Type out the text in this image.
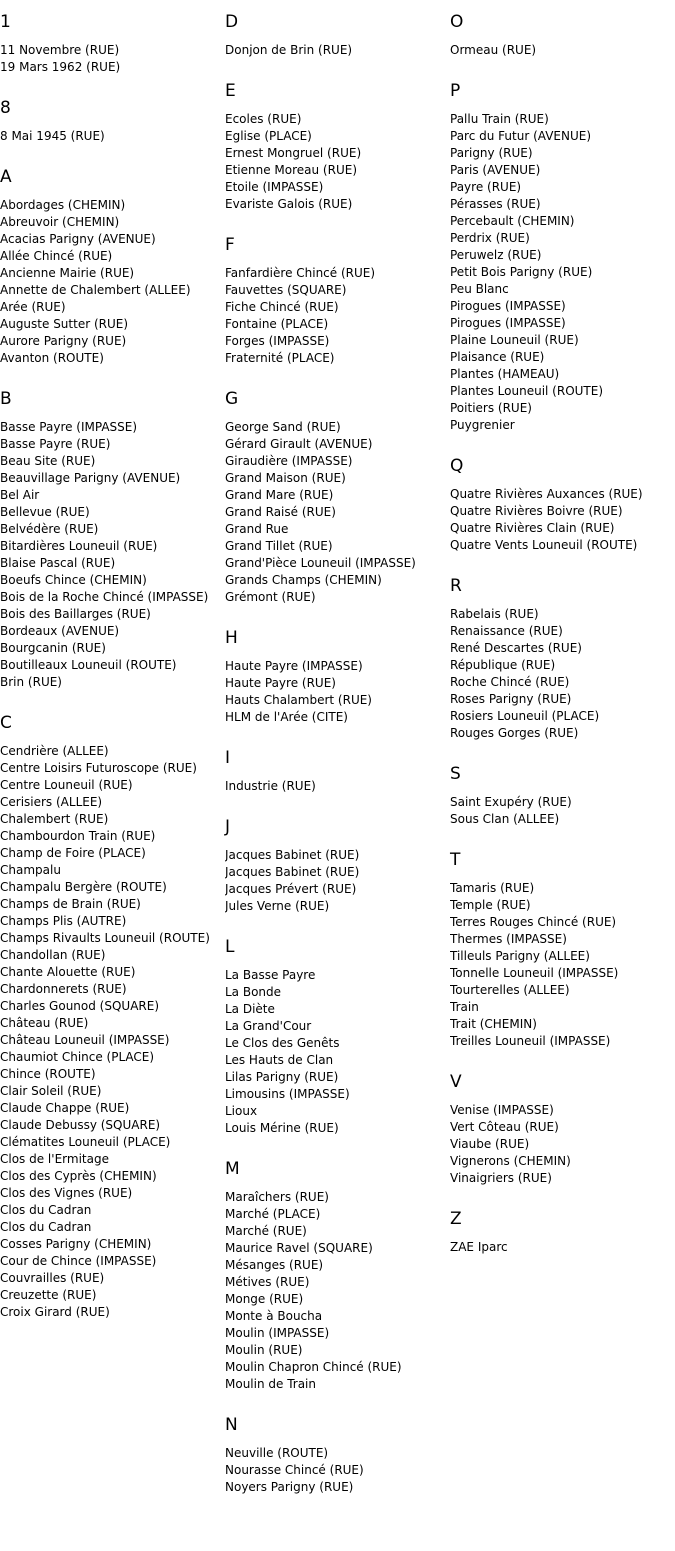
1
11 Novembre (RUE)
19 Mars 1962 (RUE)
8
8 Mai 1945 (RUE)
A
Abordages (CHEMIN)
Abreuvoir (CHEMIN)
Acacias Parigny (AVENUE)
Allée Chincé (RUE)
Ancienne Mairie (RUE)
Annette de Chalembert (ALLEE)
Arée (RUE)
Auguste Sutter (RUE)
Aurore Parigny (RUE)
Avanton (ROUTE)
B
Basse Payre (IMPASSE)
Basse Payre (RUE)
Beau Site (RUE)
Beauvillage Parigny (AVENUE)
Bel Air
Bellevue (RUE)
Belvédère (RUE)
Bitardières Louneuil (RUE)
Blaise Pascal (RUE)
Boeufs Chince (CHEMIN)
Bois de la Roche Chincé (IMPASSE)
Bois des Baillarges (RUE)
Bordeaux (AVENUE)
Bourgcanin (RUE)
Boutilleaux Louneuil (ROUTE)
Brin (RUE)
C
Cendrière (ALLEE)
Centre Loisirs Futuroscope (RUE)
Centre Louneuil (RUE)
Cerisiers (ALLEE)
Chalembert (RUE)
Chambourdon Train (RUE)
Champ de Foire (PLACE)
Champalu
Champalu Bergère (ROUTE)
Champs de Brain (RUE)
Champs Plis (AUTRE)
Champs Rivaults Louneuil (ROUTE)
Chandollan (RUE)
Chante Alouette (RUE)
Chardonnerets (RUE)
Charles Gounod (SQUARE)
Château (RUE)
Château Louneuil (IMPASSE)
Chaumiot Chince (PLACE)
Chince (ROUTE)
Clair Soleil (RUE)
Claude Chappe (RUE)
Claude Debussy (SQUARE)
Clématites Louneuil (PLACE)
Clos de l'Ermitage
Clos des Cyprès (CHEMIN)
Clos des Vignes (RUE)
Clos du Cadran
Clos du Cadran
Cosses Parigny (CHEMIN)
Cour de Chince (IMPASSE)
Couvrailles (RUE)
Creuzette (RUE)
Croix Girard (RUE)
D
Donjon de Brin (RUE)
E
Ecoles (RUE)
Eglise (PLACE)
Ernest Mongruel (RUE)
Etienne Moreau (RUE)
Etoile (IMPASSE)
Evariste Galois (RUE)
F
Fanfardière Chincé (RUE)
Fauvettes (SQUARE)
Fiche Chincé (RUE)
Fontaine (PLACE)
Forges (IMPASSE)
Fraternité (PLACE)
G
George Sand (RUE)
Gérard Girault (AVENUE)
Giraudière (IMPASSE)
Grand Maison (RUE)
Grand Mare (RUE)
Grand Raisé (RUE)
Grand Rue
Grand Tillet (RUE)
Grand'Pièce Louneuil (IMPASSE)
Grands Champs (CHEMIN)
Grémont (RUE)
H
Haute Payre (IMPASSE)
Haute Payre (RUE)
Hauts Chalambert (RUE)
HLM de l'Arée (CITE)
I
Industrie (RUE)
J
Jacques Babinet (RUE)
Jacques Babinet (RUE)
Jacques Prévert (RUE)
Jules Verne (RUE)
L
La Basse Payre
La Bonde
La Diète
La Grand'Cour
Le Clos des Genêts
Les Hauts de Clan
Lilas Parigny (RUE)
Limousins (IMPASSE)
Lioux
Louis Mérine (RUE)
M
Maraîchers (RUE)
Marché (PLACE)
Marché (RUE)
Maurice Ravel (SQUARE)
Mésanges (RUE)
Métives (RUE)
Monge (RUE)
Monte à Boucha
Moulin (IMPASSE)
Moulin (RUE)
Moulin Chapron Chincé (RUE)
Moulin de Train
N
Neuville (ROUTE)
Nourasse Chincé (RUE)
Noyers Parigny (RUE)
O
Ormeau (RUE)
P
Pallu Train (RUE)
Parc du Futur (AVENUE)
Parigny (RUE)
Paris (AVENUE)
Payre (RUE)
Pérasses (RUE)
Percebault (CHEMIN)
Perdrix (RUE)
Peruwelz (RUE)
Petit Bois Parigny (RUE)
Peu Blanc
Pirogues (IMPASSE)
Pirogues (IMPASSE)
Plaine Louneuil (RUE)
Plaisance (RUE)
Plantes (HAMEAU)
Plantes Louneuil (ROUTE)
Poitiers (RUE)
Puygrenier
Q
Quatre Rivières Auxances (RUE)
Quatre Rivières Boivre (RUE)
Quatre Rivières Clain (RUE)
Quatre Vents Louneuil (ROUTE)
R
Rabelais (RUE)
Renaissance (RUE)
René Descartes (RUE)
République (RUE)
Roche Chincé (RUE)
Roses Parigny (RUE)
Rosiers Louneuil (PLACE)
Rouges Gorges (RUE)
S
Saint Exupéry (RUE)
Sous Clan (ALLEE)
T
Tamaris (RUE)
Temple (RUE)
Terres Rouges Chincé (RUE)
Thermes (IMPASSE)
Tilleuls Parigny (ALLEE)
Tonnelle Louneuil (IMPASSE)
Tourterelles (ALLEE)
Train
Trait (CHEMIN)
Treilles Louneuil (IMPASSE)
V
Venise (IMPASSE)
Vert Côteau (RUE)
Viaube (RUE)
Vignerons (CHEMIN)
Vinaigriers (RUE)
Z
ZAE Iparc
